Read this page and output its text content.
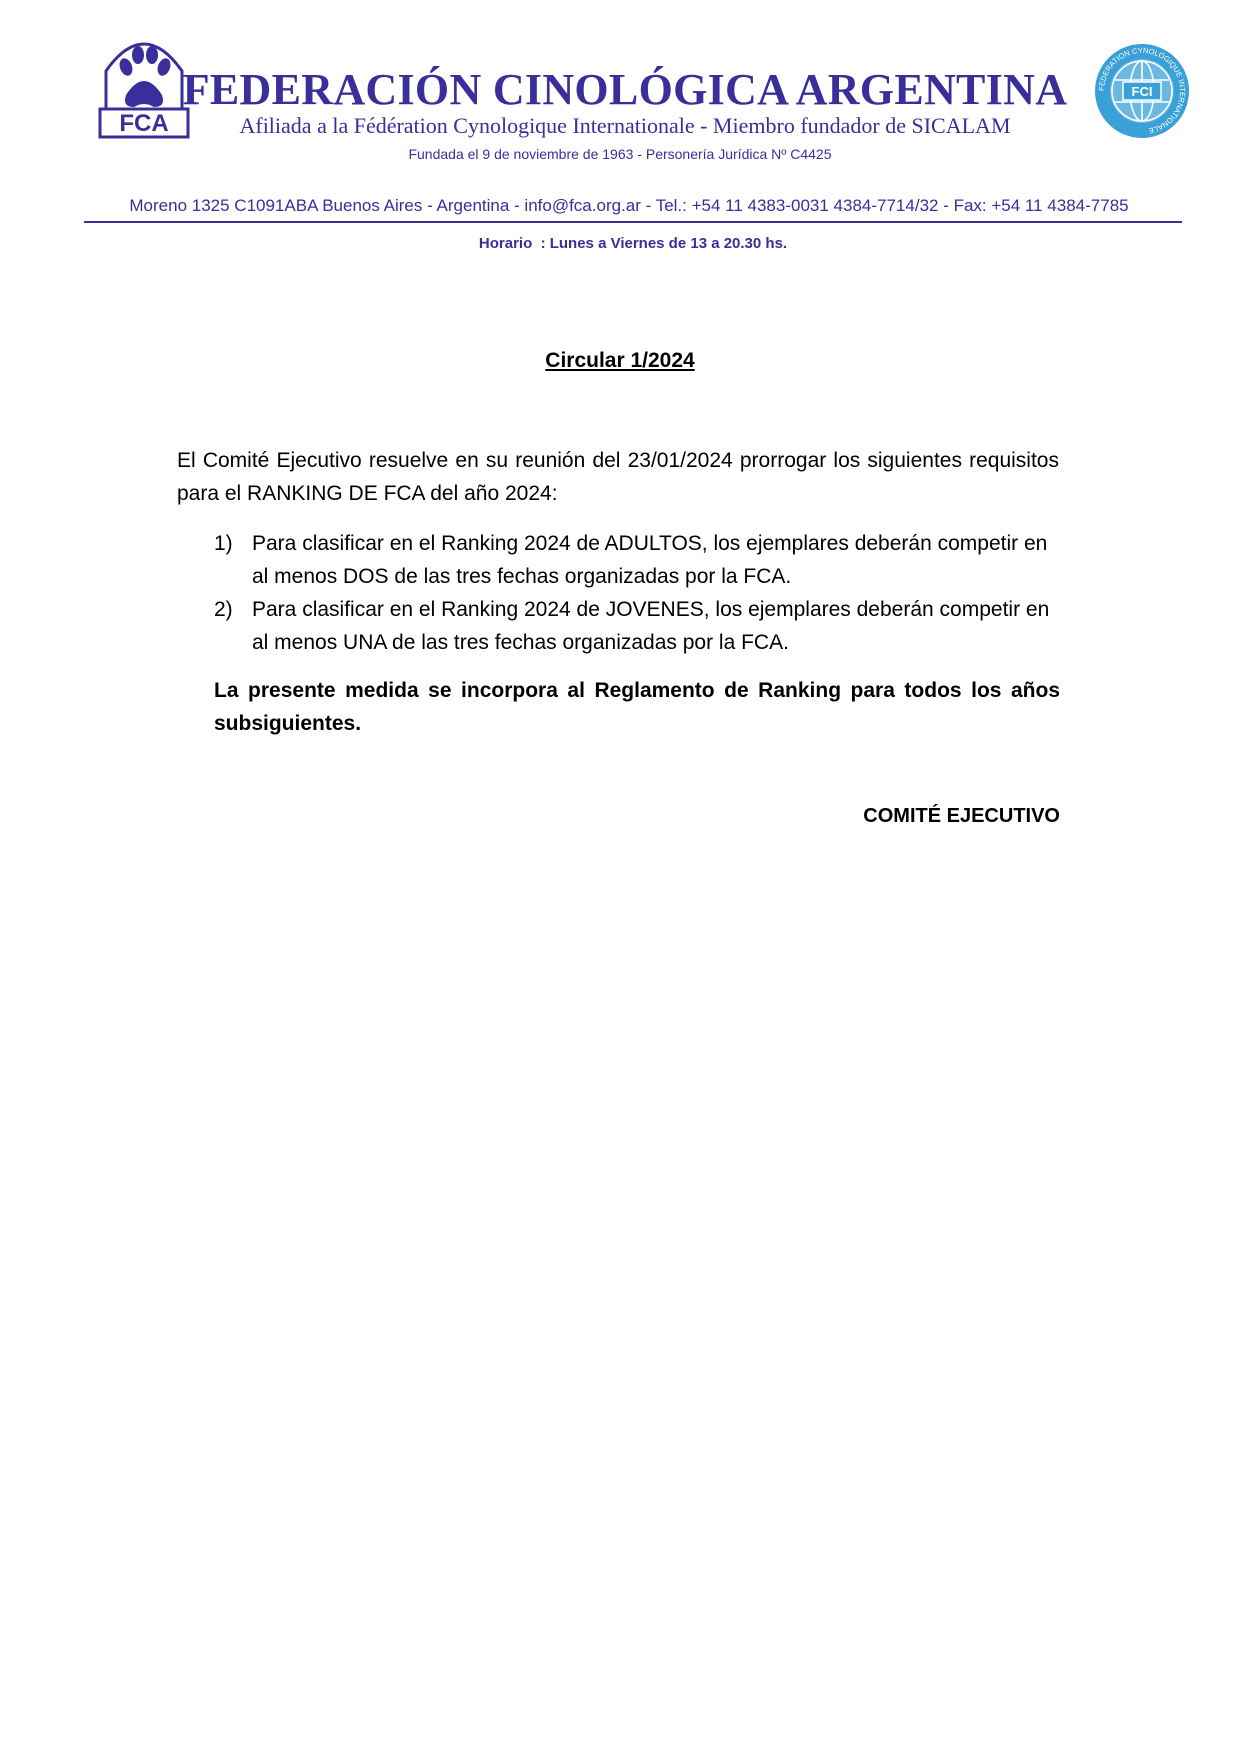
FCA
FEDERACIÓN CINOLÓGICA ARGENTINA
Afiliada a la Fédération Cynologique Internationale - Miembro fundador de SICALAM
Fundada el 9 de noviembre de 1963 - Personería Jurídica Nº C4425
FCI
FEDERATION CYNOLOGIQUE INTERNATIONALE
Moreno 1325 C1091ABA Buenos Aires - Argentina - info@fca.org.ar - Tel.: +54 11 4383-0031 4384-7714/32 - Fax: +54 11 4384-7785
Horario  : Lunes a Viernes de 13 a 20.30 hs.
Circular 1/2024
El Comité Ejecutivo resuelve en su reunión del 23/01/2024 prorrogar los siguientes requisitos para el RANKING DE FCA del año 2024:
1) Para clasificar en el Ranking 2024 de ADULTOS, los ejemplares deberán competir en al menos DOS de las tres fechas organizadas por la FCA.
2) Para clasificar en el Ranking 2024 de JOVENES, los ejemplares deberán competir en al menos UNA de las tres fechas organizadas por la FCA.
La presente medida se incorpora al Reglamento de Ranking para todos los años subsiguientes.
COMITÉ EJECUTIVO
